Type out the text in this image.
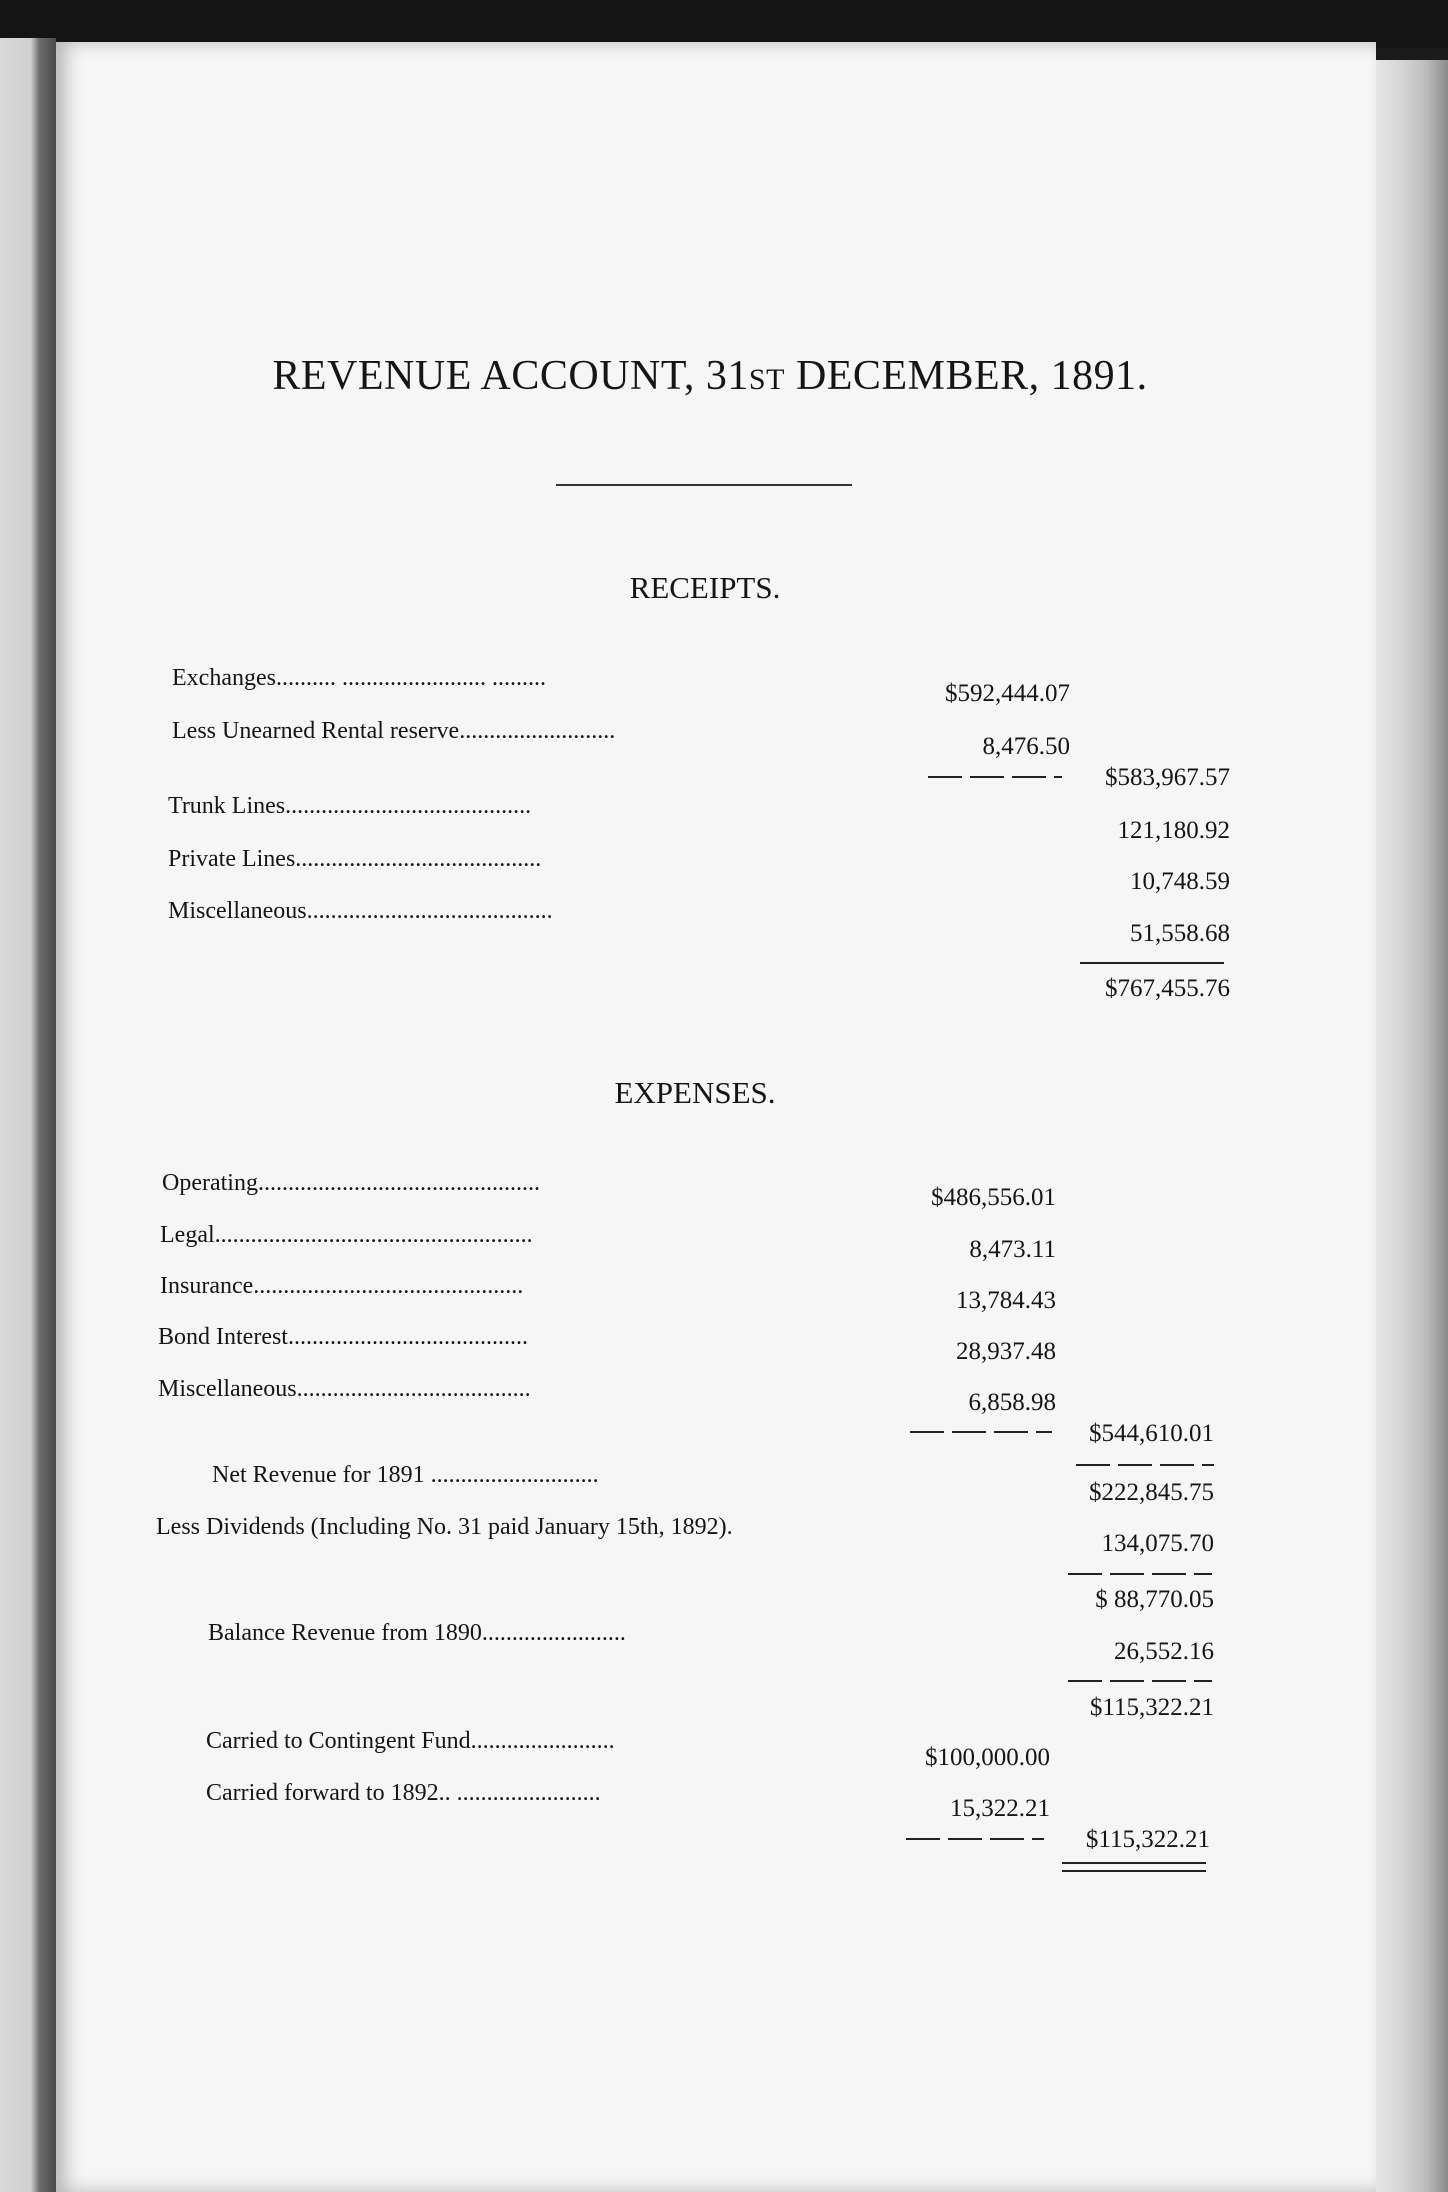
REVENUE ACCOUNT, 31ST DECEMBER, 1891.
RECEIPTS.
Exchanges.......... ........................ .........
$592,444.07
Less Unearned Rental reserve..........................
8,476.50
$583,967.57
Trunk Lines.........................................
121,180.92
Private Lines.........................................
10,748.59
Miscellaneous.........................................
51,558.68
$767,455.76
EXPENSES.
Operating...............................................
$486,556.01
Legal.....................................................
8,473.11
Insurance.............................................
13,784.43
Bond Interest........................................
28,937.48
Miscellaneous.......................................	6,858.98
$544,610.01
Net Revenue for 1891 ............................
$222,845.75
Less Dividends (Including No. 31 paid January 15th, 1892).
134,075.70
$ 88,770.05
Balance Revenue from 1890........................
26,552.16
$115,322.21
Carried to Contingent Fund........................
$100,000.00
Carried forward to 1892.. ........................
15,322.21
$115,322.21
